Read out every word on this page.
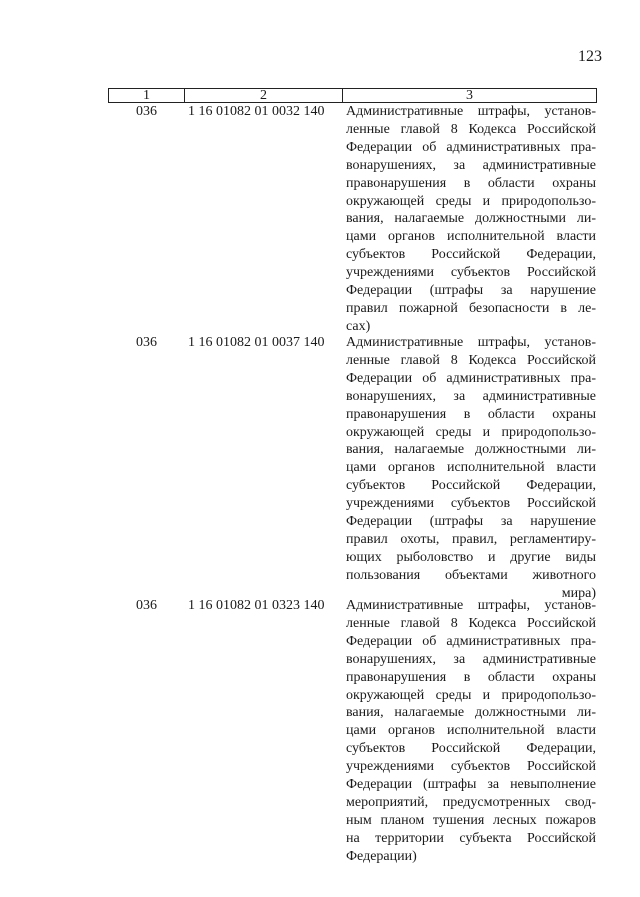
123
1	2	3
036 1 16 01082 01 0032 140 Административные штрафы, установ-
ленные главой 8 Кодекса Российской
Федерации об административных пра-
вонарушениях, за административные
правонарушения в области охраны
окружающей среды и природопользо-
вания, налагаемые должностными ли-
цами органов исполнительной власти
субъектов Российской Федерации,
учреждениями субъектов Российской
Федерации (штрафы за нарушение
правил пожарной безопасности в ле-
сах)
036 1 16 01082 01 0037 140 Административные штрафы, установ-
ленные главой 8 Кодекса Российской
Федерации об административных пра-
вонарушениях, за административные
правонарушения в области охраны
окружающей среды и природопользо-
вания, налагаемые должностными ли-
цами органов исполнительной власти
субъектов Российской Федерации,
учреждениями субъектов Российской
Федерации (штрафы за нарушение
правил охоты, правил, регламентиру-
ющих рыболовство и другие виды
пользования объектами животного
мира)
036 1 16 01082 01 0323 140 Административные штрафы, установ-
ленные главой 8 Кодекса Российской
Федерации об административных пра-
вонарушениях, за административные
правонарушения в области охраны
окружающей среды и природопользо-
вания, налагаемые должностными ли-
цами органов исполнительной власти
субъектов Российской Федерации,
учреждениями субъектов Российской
Федерации (штрафы за невыполнение
мероприятий, предусмотренных свод-
ным планом тушения лесных пожаров
на территории субъекта Российской
Федерации)
